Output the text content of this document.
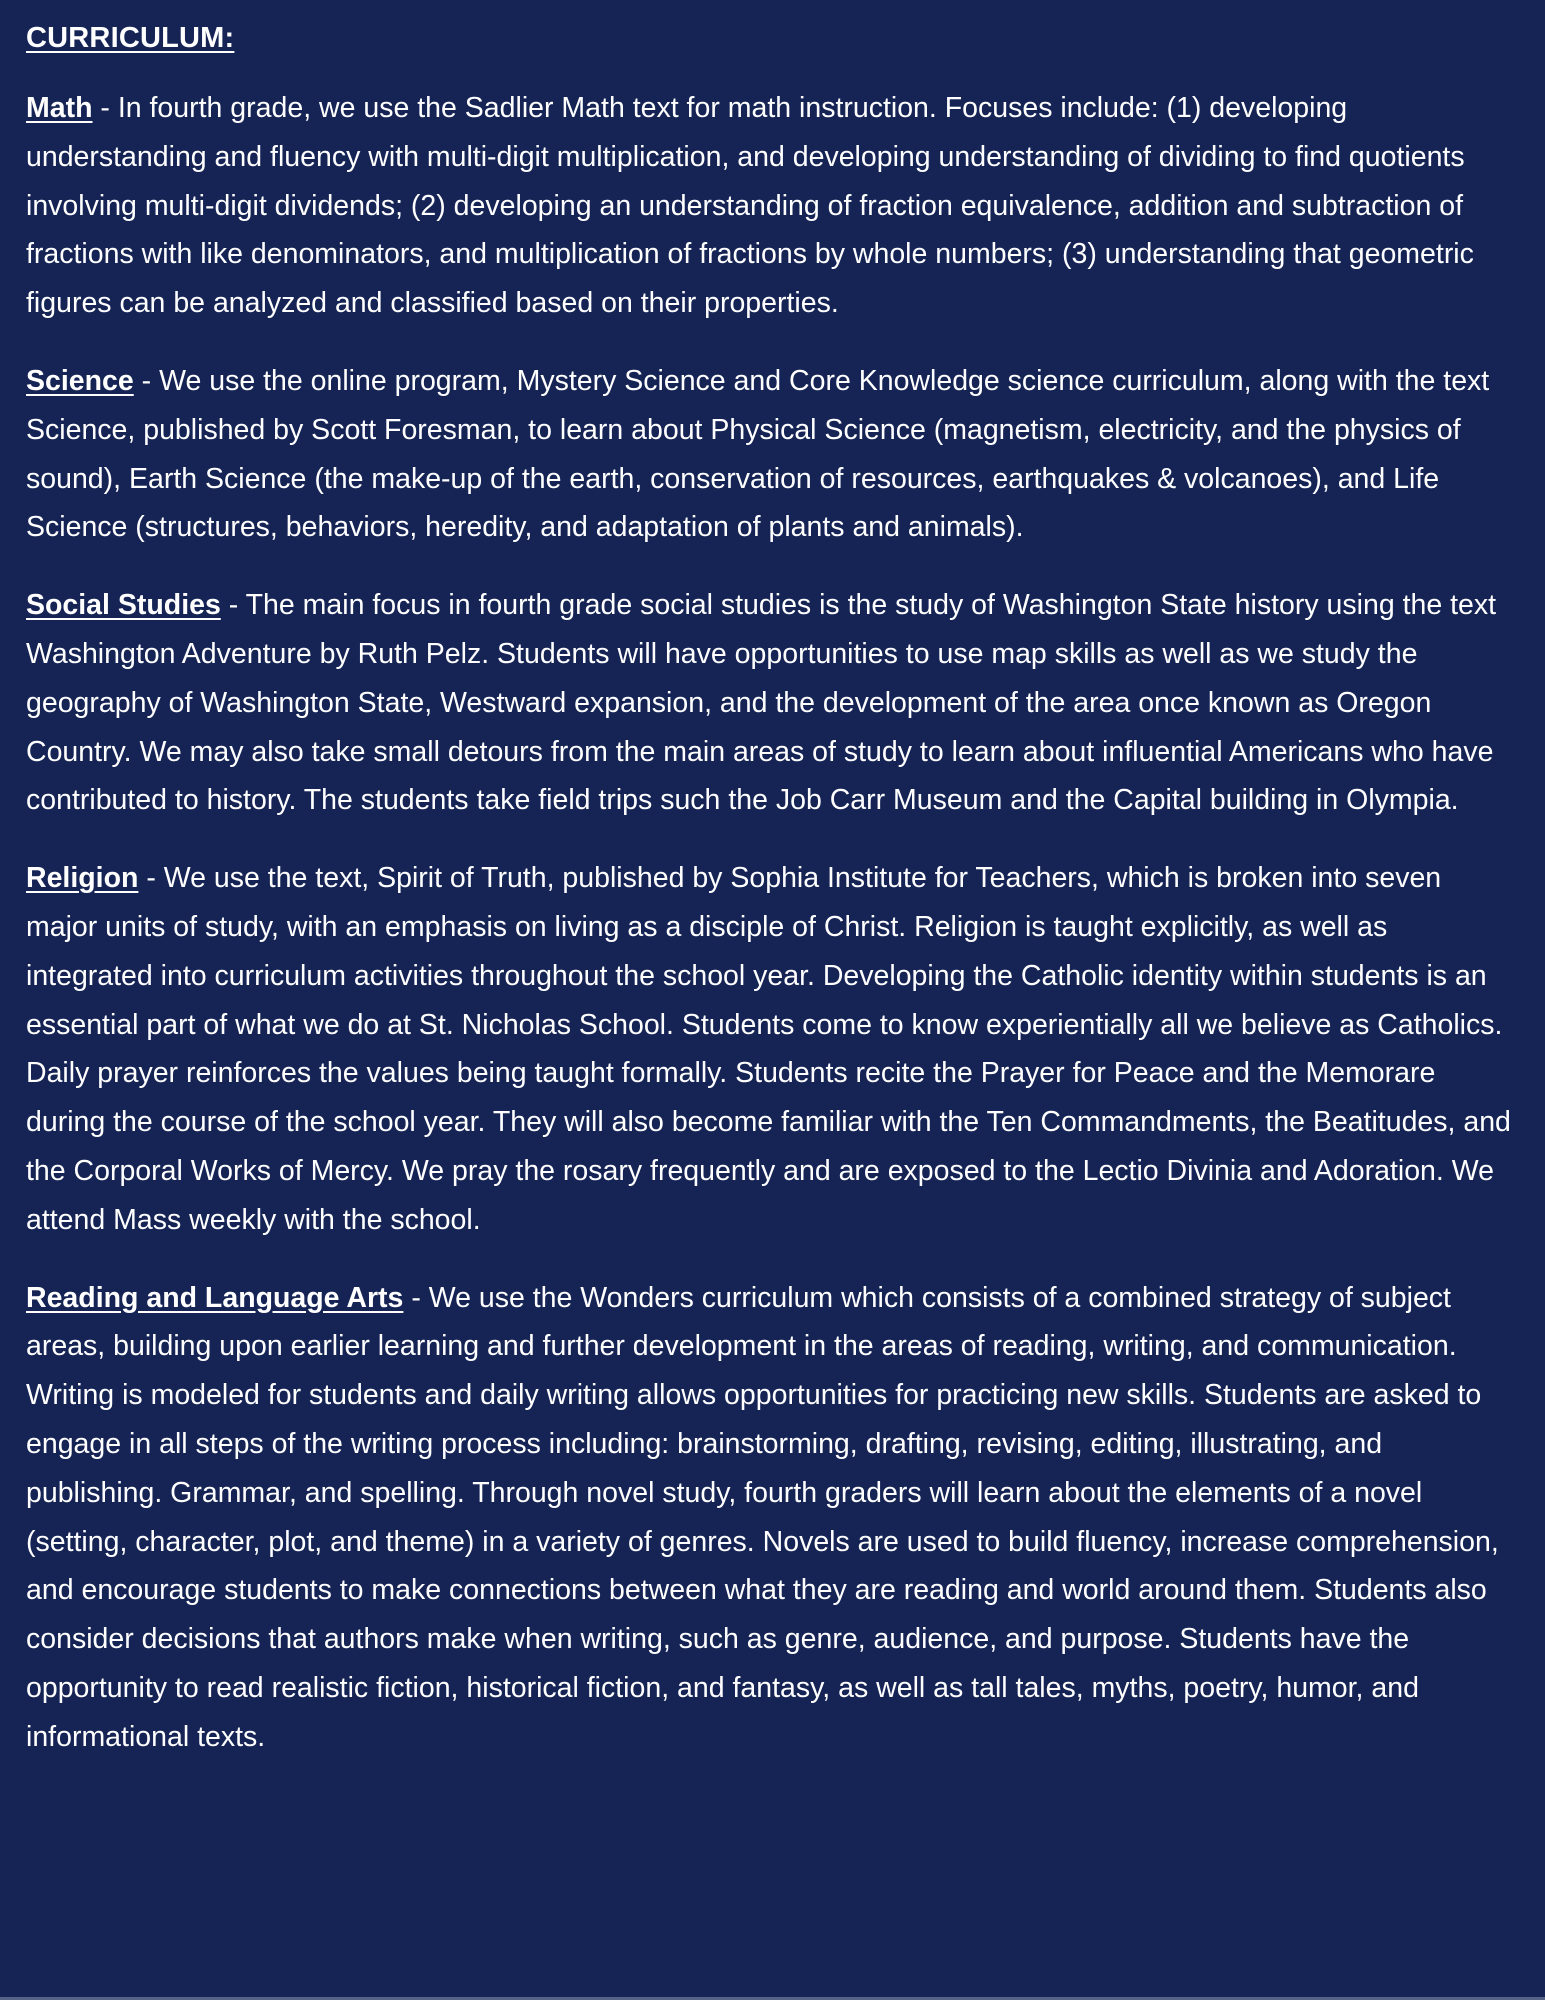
CURRICULUM:
Math - In fourth grade, we use the Sadlier Math text for math instruction. Focuses include: (1) developing understanding and fluency with multi-digit multiplication, and developing understanding of dividing to find quotients involving multi-digit dividends; (2) developing an understanding of fraction equivalence, addition and subtraction of fractions with like denominators, and multiplication of fractions by whole numbers; (3) understanding that geometric figures can be analyzed and classified based on their properties.
Science - We use the online program, Mystery Science and Core Knowledge science curriculum, along with the text Science, published by Scott Foresman, to learn about Physical Science (magnetism, electricity, and the physics of sound), Earth Science (the make-up of the earth, conservation of resources, earthquakes & volcanoes), and Life Science (structures, behaviors, heredity, and adaptation of plants and animals).
Social Studies - The main focus in fourth grade social studies is the study of Washington State history using the text Washington Adventure by Ruth Pelz. Students will have opportunities to use map skills as well as we study the geography of Washington State, Westward expansion, and the development of the area once known as Oregon Country. We may also take small detours from the main areas of study to learn about influential Americans who have contributed to history. The students take field trips such the Job Carr Museum and the Capital building in Olympia.
Religion - We use the text, Spirit of Truth, published by Sophia Institute for Teachers, which is broken into seven major units of study, with an emphasis on living as a disciple of Christ. Religion is taught explicitly, as well as integrated into curriculum activities throughout the school year. Developing the Catholic identity within students is an essential part of what we do at St. Nicholas School. Students come to know experientially all we believe as Catholics. Daily prayer reinforces the values being taught formally. Students recite the Prayer for Peace and the Memorare during the course of the school year. They will also become familiar with the Ten Commandments, the Beatitudes, and the Corporal Works of Mercy. We pray the rosary frequently and are exposed to the Lectio Divinia and Adoration. We attend Mass weekly with the school.
Reading and Language Arts - We use the Wonders curriculum which consists of a combined strategy of subject areas, building upon earlier learning and further development in the areas of reading, writing, and communication. Writing is modeled for students and daily writing allows opportunities for practicing new skills. Students are asked to engage in all steps of the writing process including: brainstorming, drafting, revising, editing, illustrating, and publishing. Grammar, and spelling. Through novel study, fourth graders will learn about the elements of a novel (setting, character, plot, and theme) in a variety of genres. Novels are used to build fluency, increase comprehension, and encourage students to make connections between what they are reading and world around them. Students also consider decisions that authors make when writing, such as genre, audience, and purpose. Students have the opportunity to read realistic fiction, historical fiction, and fantasy, as well as tall tales, myths, poetry, humor, and informational texts.
